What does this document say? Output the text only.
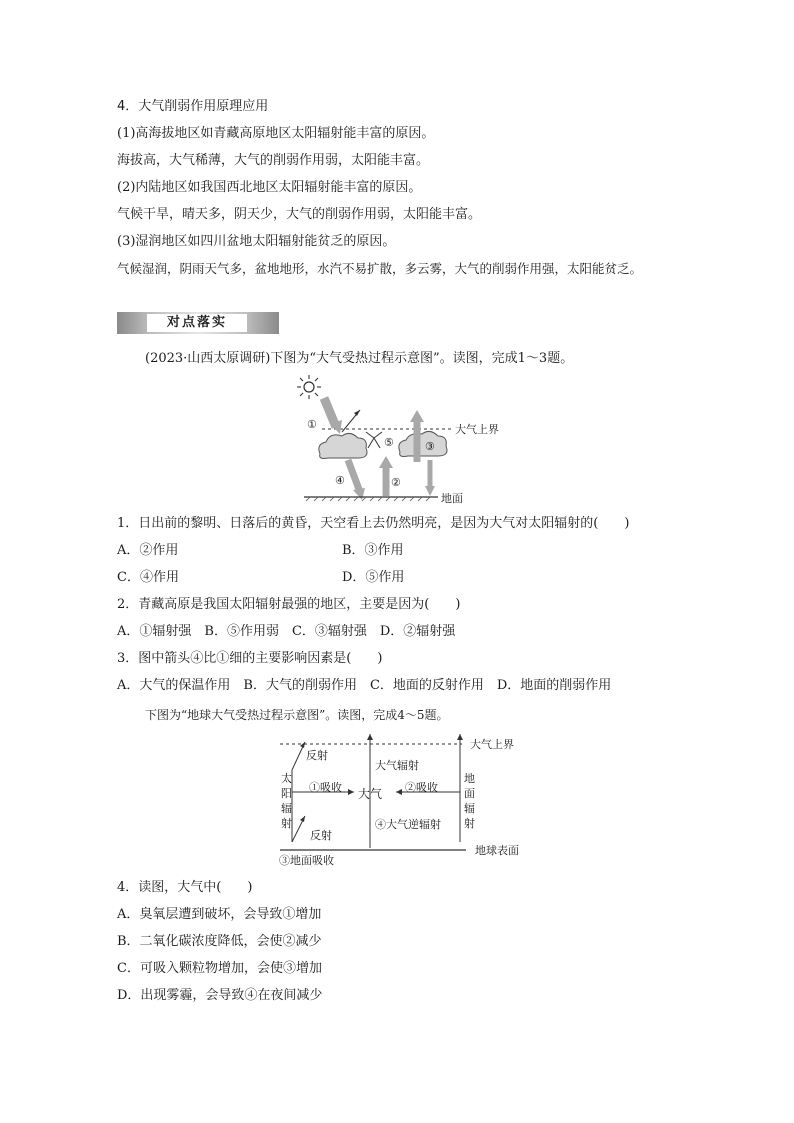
4．大气削弱作用原理应用
(1)高海拔地区如青藏高原地区太阳辐射能丰富的原因。
海拔高，大气稀薄，大气的削弱作用弱，太阳能丰富。
(2)内陆地区如我国西北地区太阳辐射能丰富的原因。
气候干旱，晴天多，阴天少，大气的削弱作用弱，太阳能丰富。
(3)湿润地区如四川盆地太阳辐射能贫乏的原因。
气候湿润，阴雨天气多，盆地地形，水汽不易扩散，多云雾，大气的削弱作用强，太阳能贫乏。
对点落实
(2023·山西太原调研)下图为“大气受热过程示意图”。读图，完成1～3题。
①
②
③
④
⑤
大气上界
地面
1．日出前的黎明、日落后的黄昏，天空看上去仍然明亮，是因为大气对太阳辐射的(　　)
A．②作用	B．③作用
C．④作用	D．⑤作用
2．青藏高原是我国太阳辐射最强的地区，主要是因为(　　)
A．①辐射强　B．⑤作用弱　C．③辐射强　D．②辐射强
3．图中箭头④比①细的主要影响因素是(　　)
A．大气的保温作用　B．大气的削弱作用　C．地面的反射作用　D．地面的削弱作用
下图为“地球大气受热过程示意图”。读图，完成4～5题。
大气上界
太阳辐射
反射
①吸收 大气
大气辐射
②吸收
地面辐射
反射
④大气逆辐射
③地面吸收
地球表面
4．读图，大气中(　　)
A．臭氧层遭到破坏，会导致①增加
B．二氧化碳浓度降低，会使②减少
C．可吸入颗粒物增加，会使③增加
D．出现雾霾，会导致④在夜间减少
